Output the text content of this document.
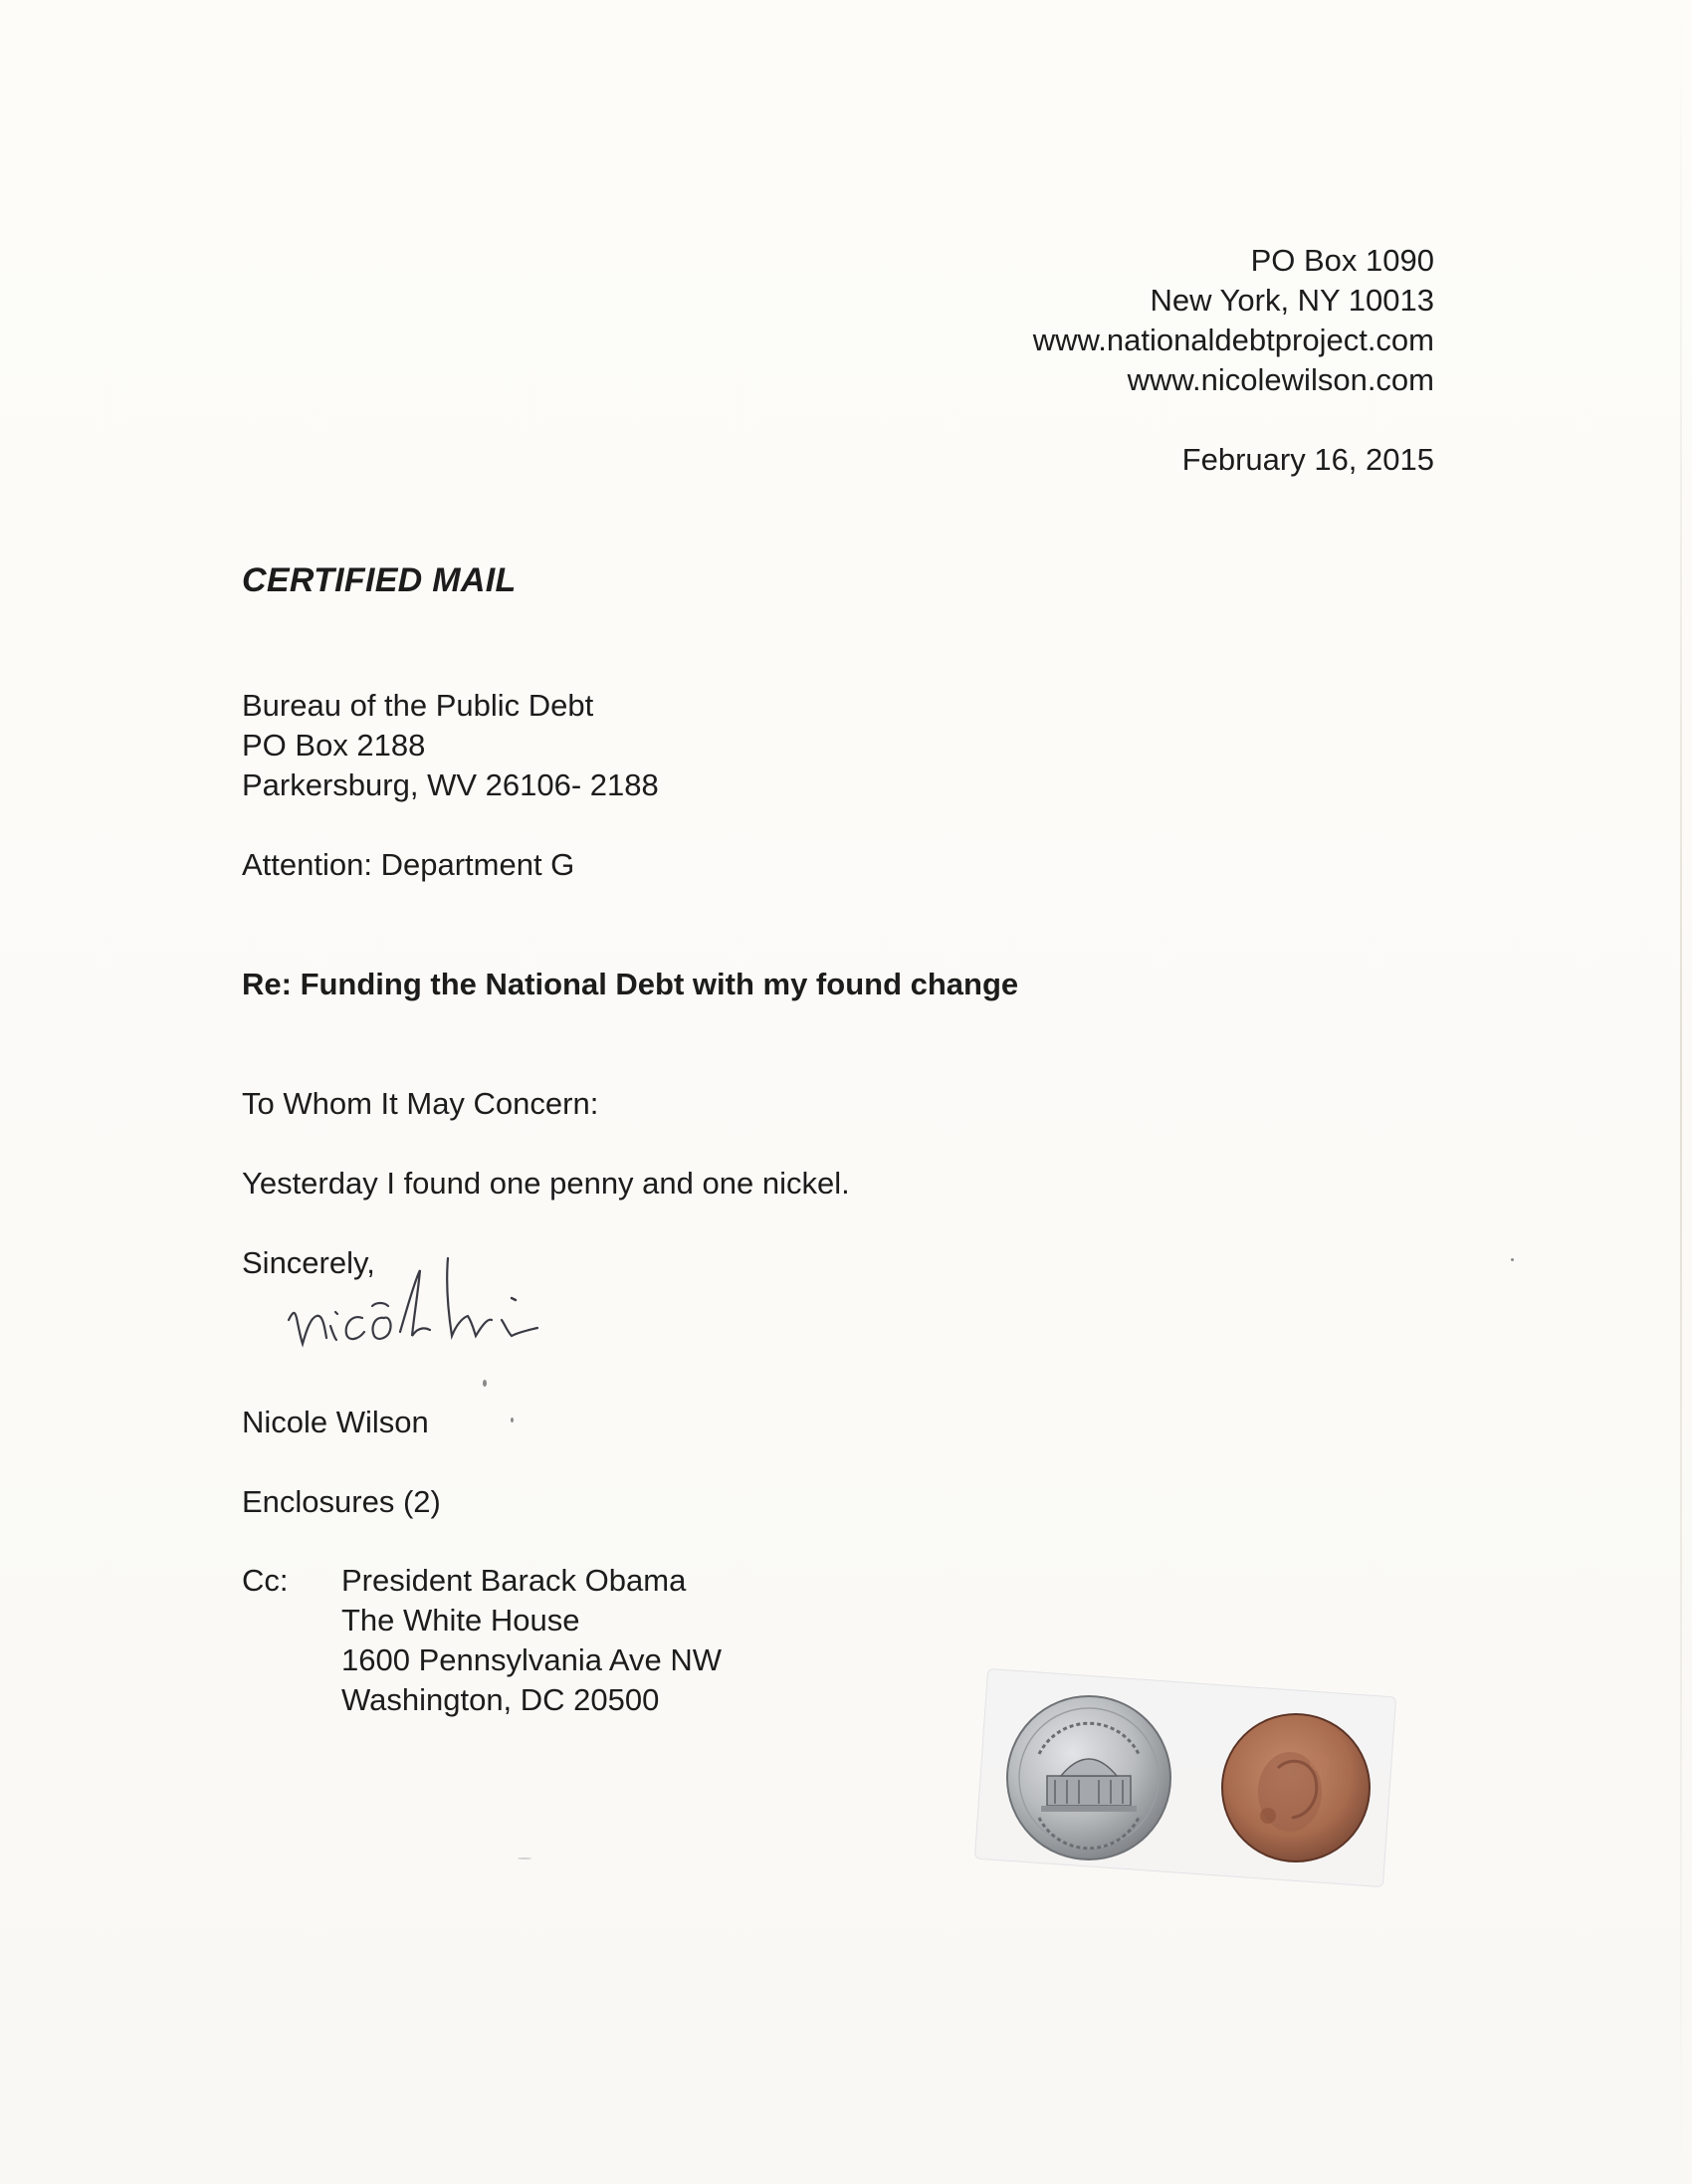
PO Box 1090
New York, NY 10013
www.nationaldebtproject.com
www.nicolewilson.com
February 16, 2015
CERTIFIED MAIL
Bureau of the Public Debt
PO Box 2188
Parkersburg, WV 26106- 2188
Attention: Department G
Re: Funding the National Debt with my found change
To Whom It May Concern:
Yesterday I found one penny and one nickel.
Sincerely,
Nicole Wilson
Enclosures (2)
Cc: President Barack Obama
The White House
1600 Pennsylvania Ave NW
Washington, DC 20500
